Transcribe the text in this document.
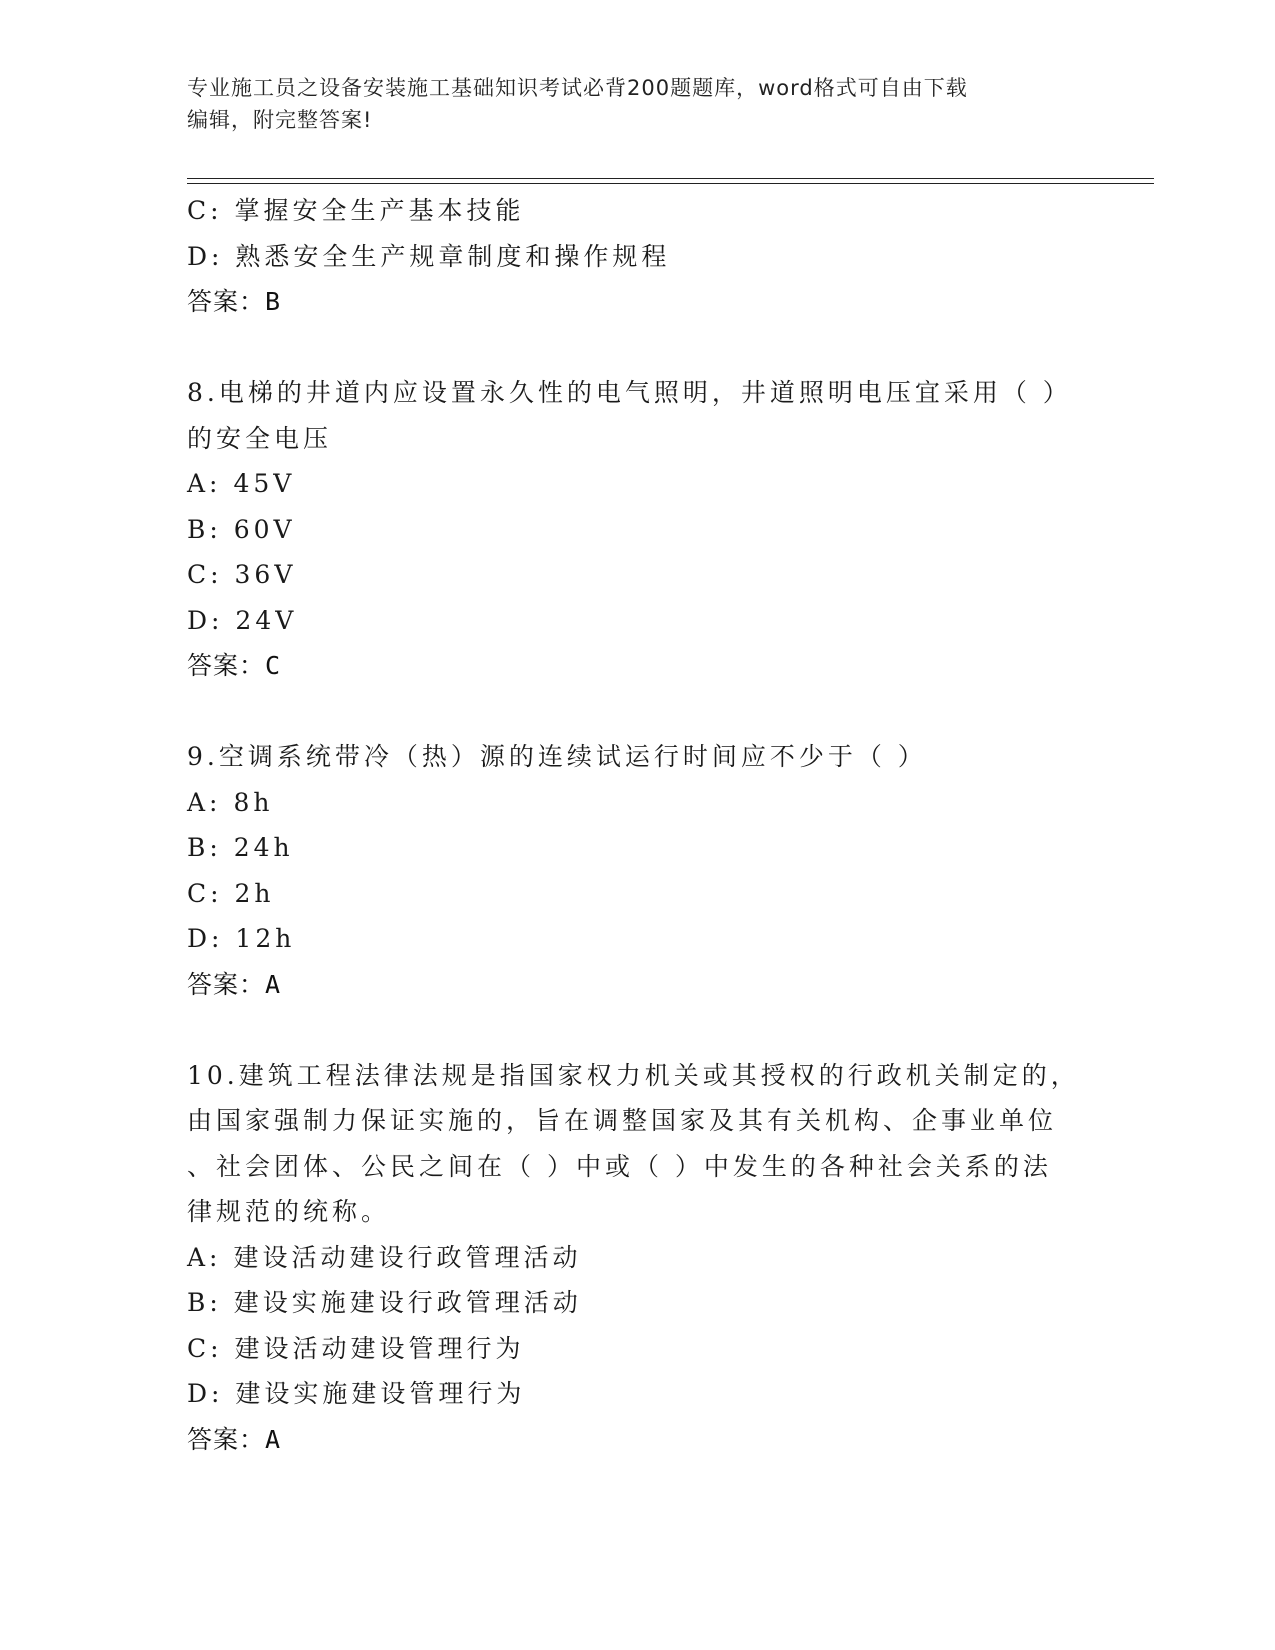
专业施工员之设备安装施工基础知识考试必背200题题库，word格式可自由下载
编辑，附完整答案!
C: 掌握安全生产基本技能
D: 熟悉安全生产规章制度和操作规程
答案：B
8.电梯的井道内应设置永久性的电气照明，井道照明电压宜采用（ ）
的安全电压
A: 45V
B: 60V
C: 36V
D: 24V
答案：C
9.空调系统带冷（热）源的连续试运行时间应不少于（ ）
A: 8h
B: 24h
C: 2h
D: 12h
答案：A
10.建筑工程法律法规是指国家权力机关或其授权的行政机关制定的，
由国家强制力保证实施的，旨在调整国家及其有关机构、企事业单位
、社会团体、公民之间在（ ）中或（ ）中发生的各种社会关系的法
律规范的统称。
A: 建设活动建设行政管理活动
B: 建设实施建设行政管理活动
C: 建设活动建设管理行为
D: 建设实施建设管理行为
答案：A
